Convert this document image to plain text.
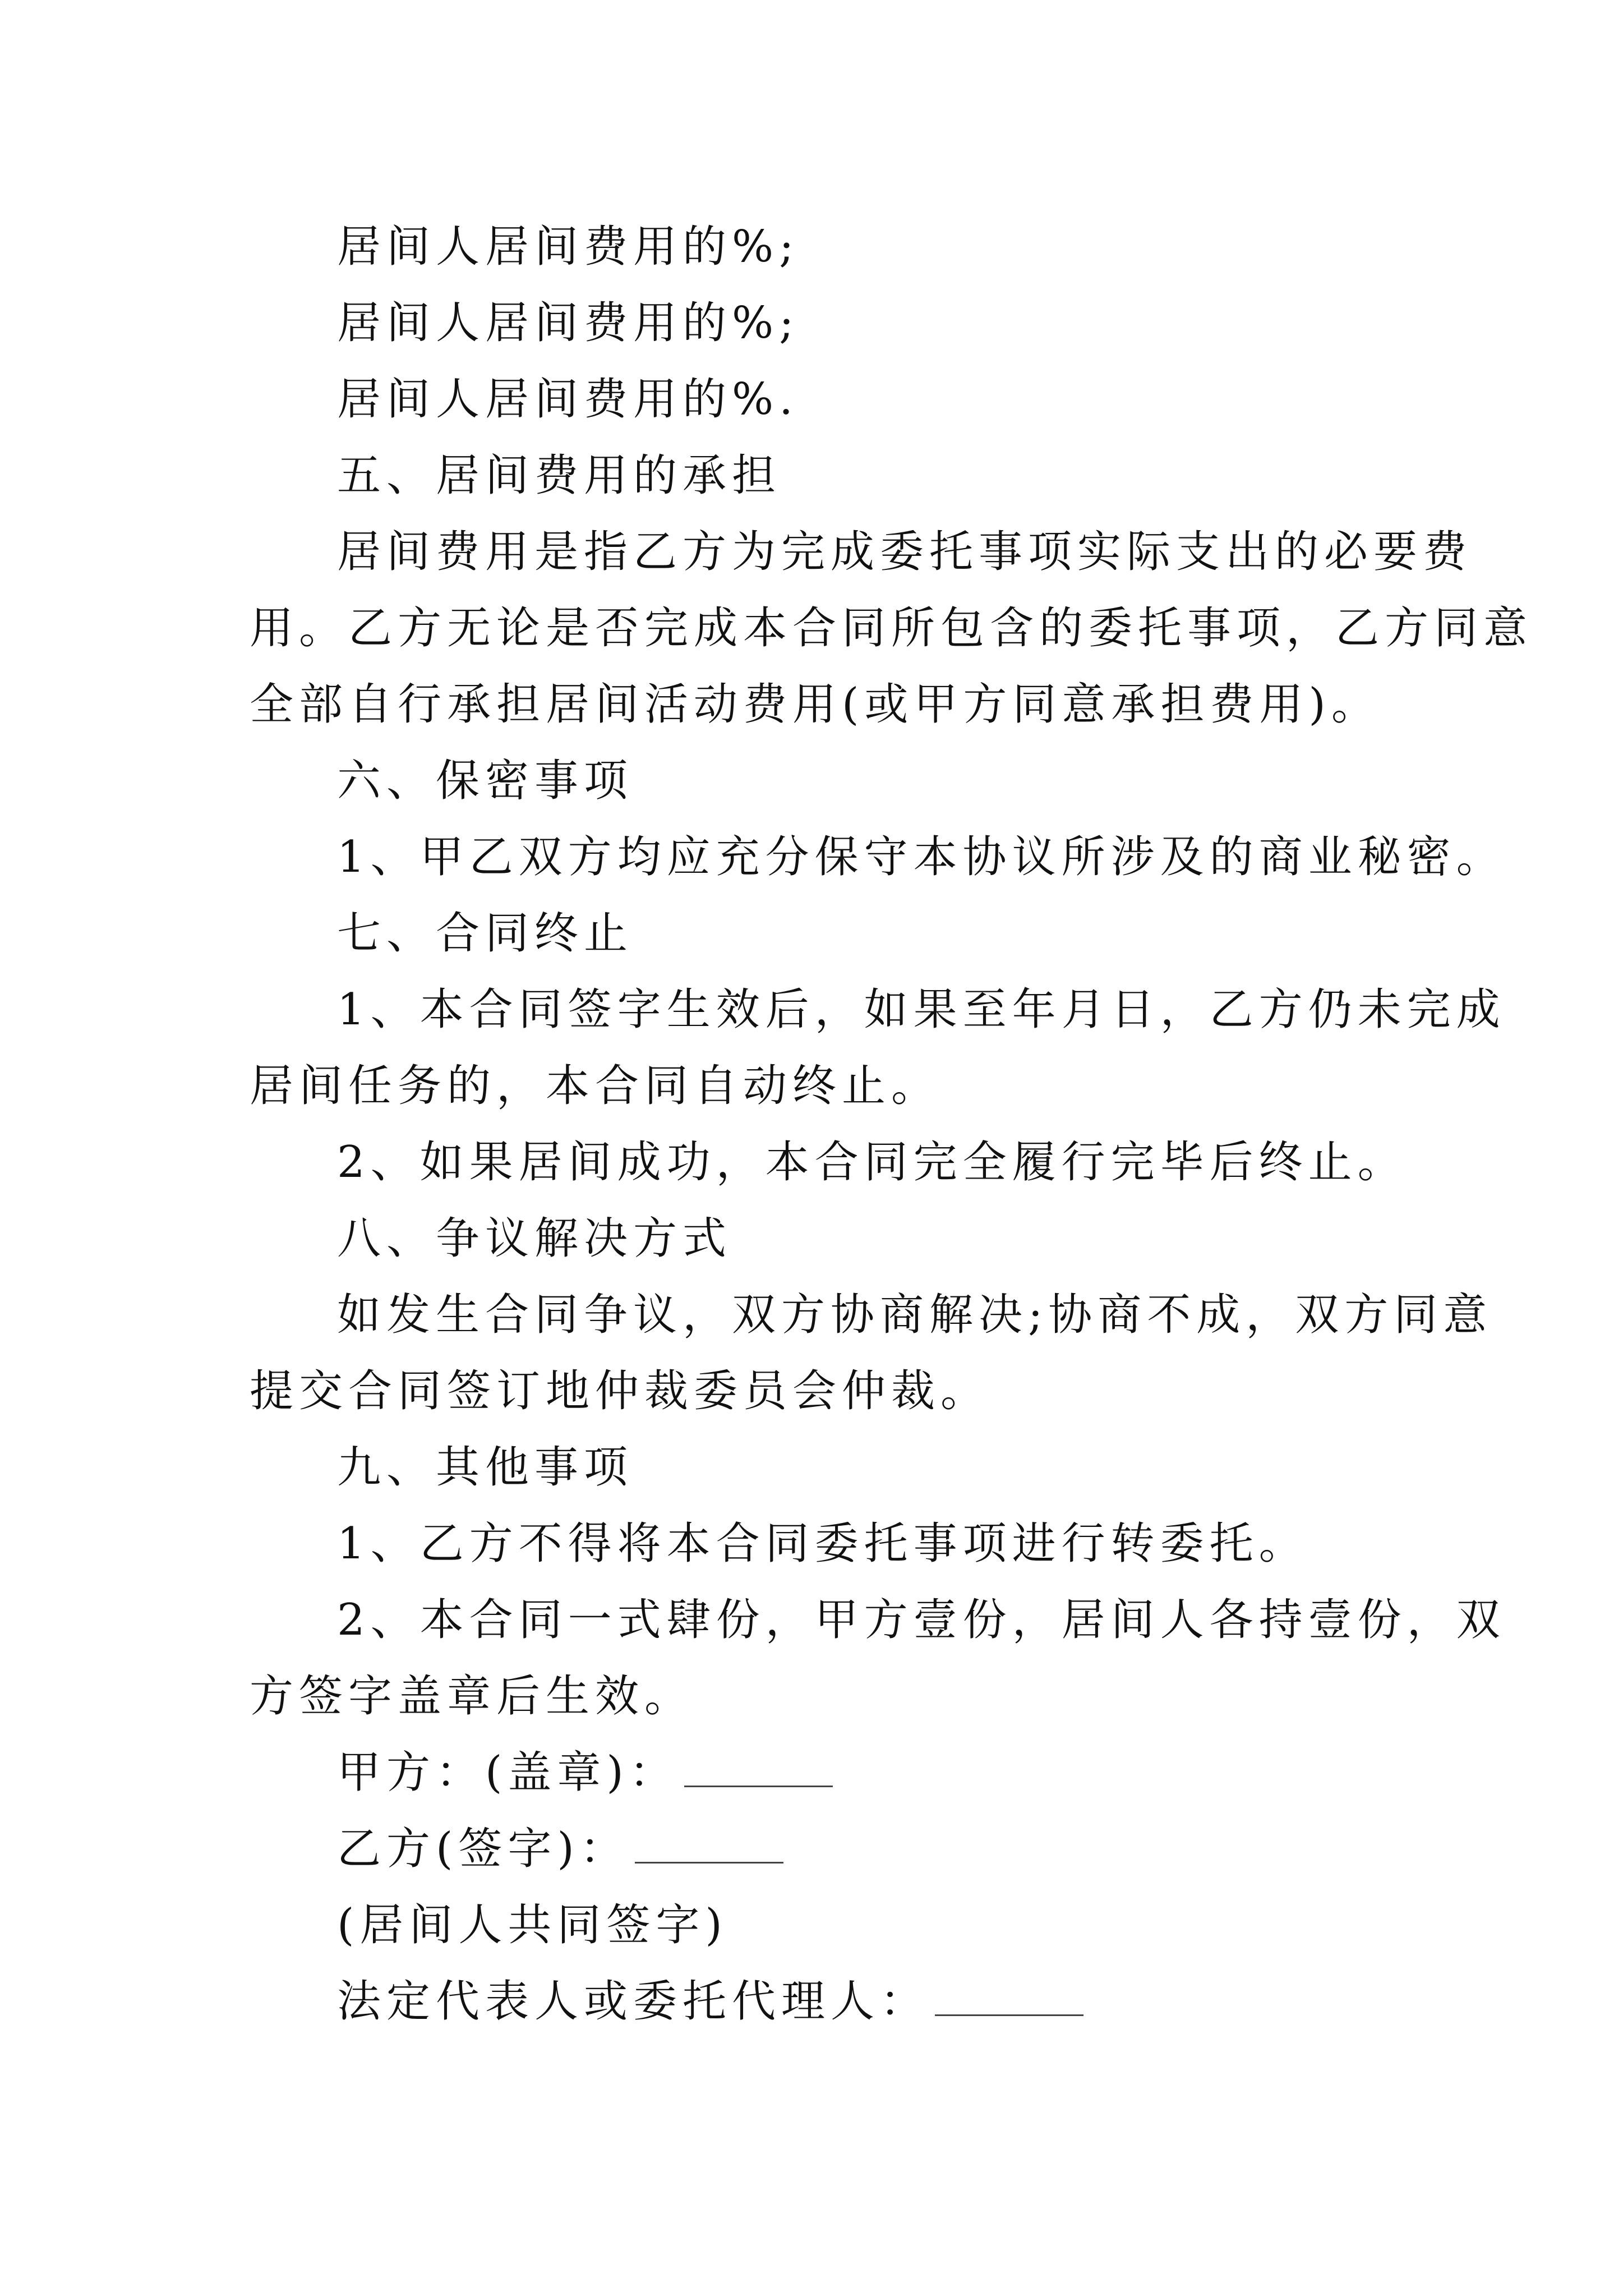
居间人居间费用的%;

居间人居间费用的%;

居间人居间费用的%.

五、居间费用的承担

居间费用是指乙方为完成委托事项实际支出的必要费

用。乙方无论是否完成本合同所包含的委托事项，乙方同意

全部自行承担居间活动费用(或甲方同意承担费用)。

六、保密事项

1、甲乙双方均应充分保守本协议所涉及的商业秘密。

七、合同终止

1、本合同签字生效后，如果至年月日，乙方仍未完成

居间任务的，本合同自动终止。

2、如果居间成功，本合同完全履行完毕后终止。

八、争议解决方式

如发生合同争议，双方协商解决;协商不成，双方同意

提交合同签订地仲裁委员会仲裁。

九、其他事项

1、乙方不得将本合同委托事项进行转委托。

2、本合同一式肆份，甲方壹份，居间人各持壹份，双

方签字盖章后生效。

甲方：(盖章)：

乙方(签字)：

(居间人共同签字)

法定代表人或委托代理人：
